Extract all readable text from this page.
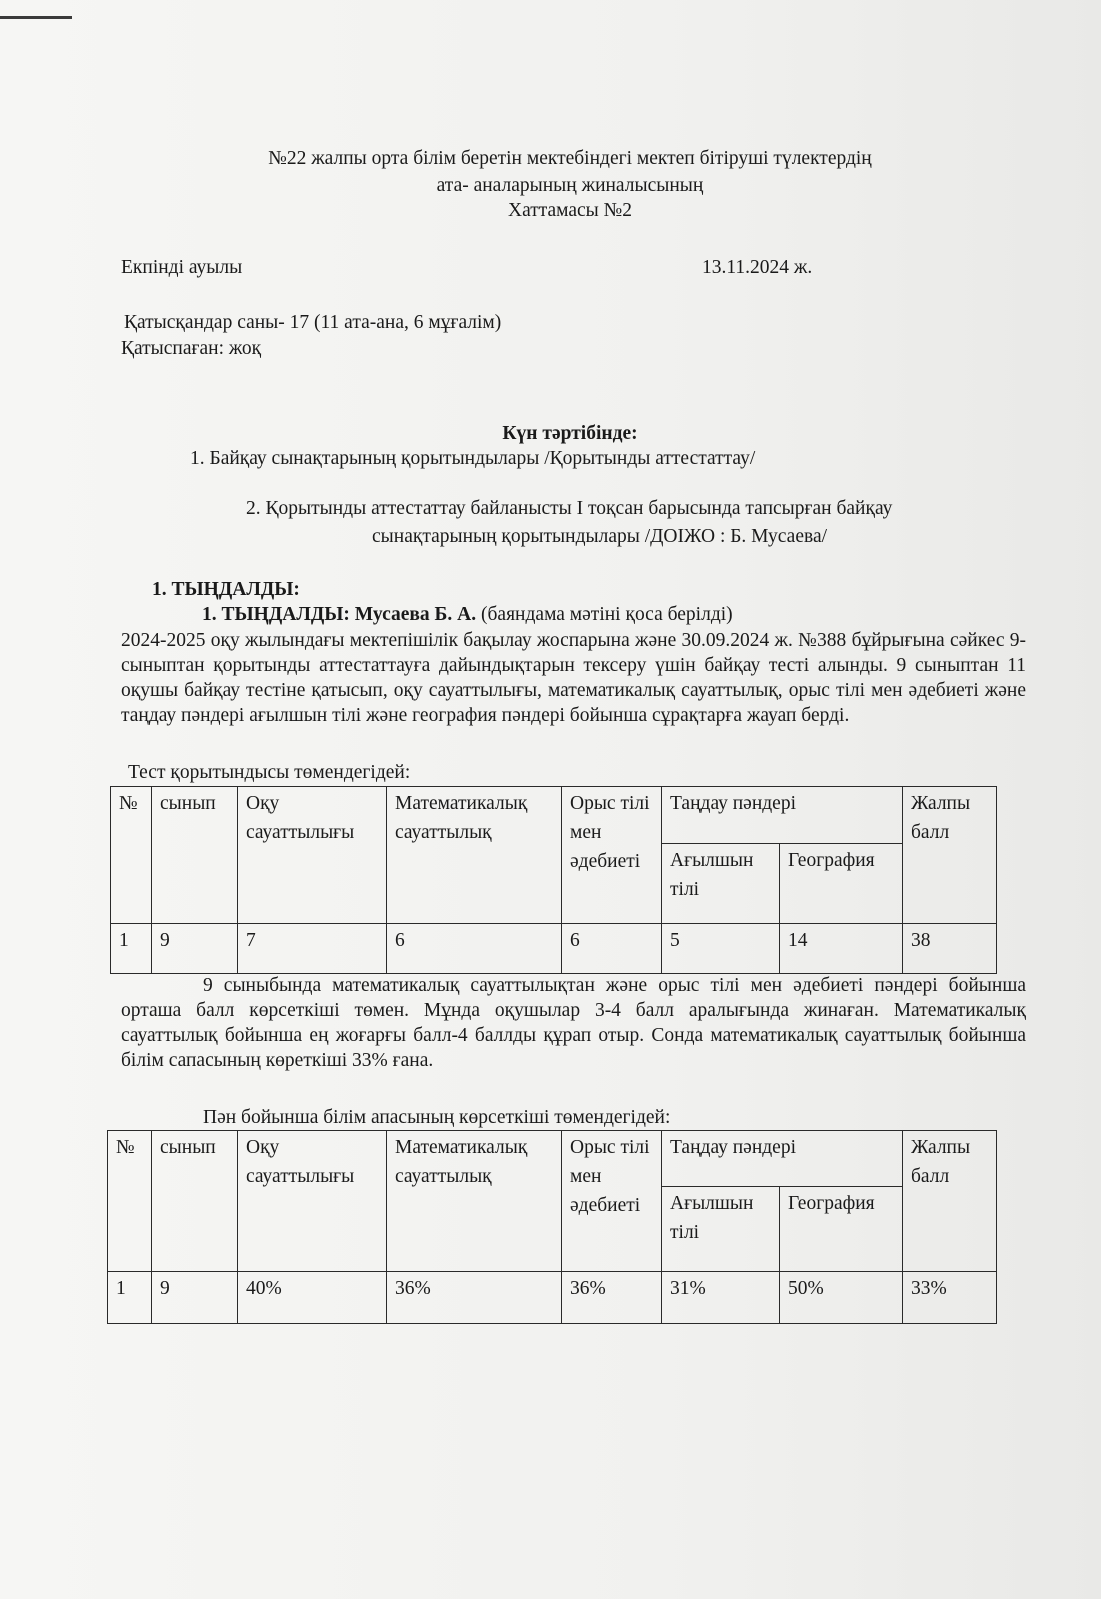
№22 жалпы орта білім беретін мектебіндегі мектеп бітіруші түлектердің
ата- аналарының жиналысының
Хаттамасы №2
Екпінді ауылы	13.11.2024 ж.
Қатысқандар саны- 17 (11 ата-ана, 6 мұғалім)
Қатыспаған: жоқ
Күн тәртібінде:
1. Байқау сынақтарының қорытындылары /Қорытынды аттестаттау/
2. Қорытынды аттестаттау байланысты І тоқсан барысында тапсырған байқау
сынақтарының қорытындылары /ДОІЖО : Б. Мусаева/
1. ТЫҢДАЛДЫ:
1. ТЫҢДАЛДЫ: Мусаева Б. А. (баяндама мәтіні қоса берілді)
2024-2025 оқу жылындағы мектепішілік бақылау жоспарына және 30.09.2024 ж. №388 бұйрығына сәйкес 9- сыныптан қорытынды аттестаттауға дайындықтарын тексеру үшін байқау тесті алынды. 9 сыныптан 11 оқушы байқау тестіне қатысып, оқу сауаттылығы, математикалық сауаттылық, орыс тілі мен әдебиеті және таңдау пәндері ағылшын тілі және география пәндері бойынша сұрақтарға жауап берді.
Тест қорытындысы төмендегідей:
№	сынып	Оқу сауаттылығы	Математикалық сауаттылық	Орыс тілі мен әдебиеті	Таңдау пәндері		Жалпы балл
					Ағылшын тілі	География	
1	9	7	6	6	5	14	38
9 сыныбында математикалық сауаттылықтан және орыс тілі мен әдебиеті пәндері бойынша орташа балл көрсеткіші төмен. Мұнда оқушылар 3-4 балл аралығында жинаған. Математикалық сауаттылық бойынша ең жоғарғы балл-4 баллды құрап отыр. Сонда математикалық сауаттылық бойынша білім сапасының көреткіші 33% ғана.
Пән бойынша білім апасының көрсеткіші төмендегідей:
№	сынып	Оқу сауаттылығы	Математикалық сауаттылық	Орыс тілі мен әдебиеті	Таңдау пәндері		Жалпы балл
					Ағылшын тілі	География	
1	9	40%	36%	36%	31%	50%	33%
